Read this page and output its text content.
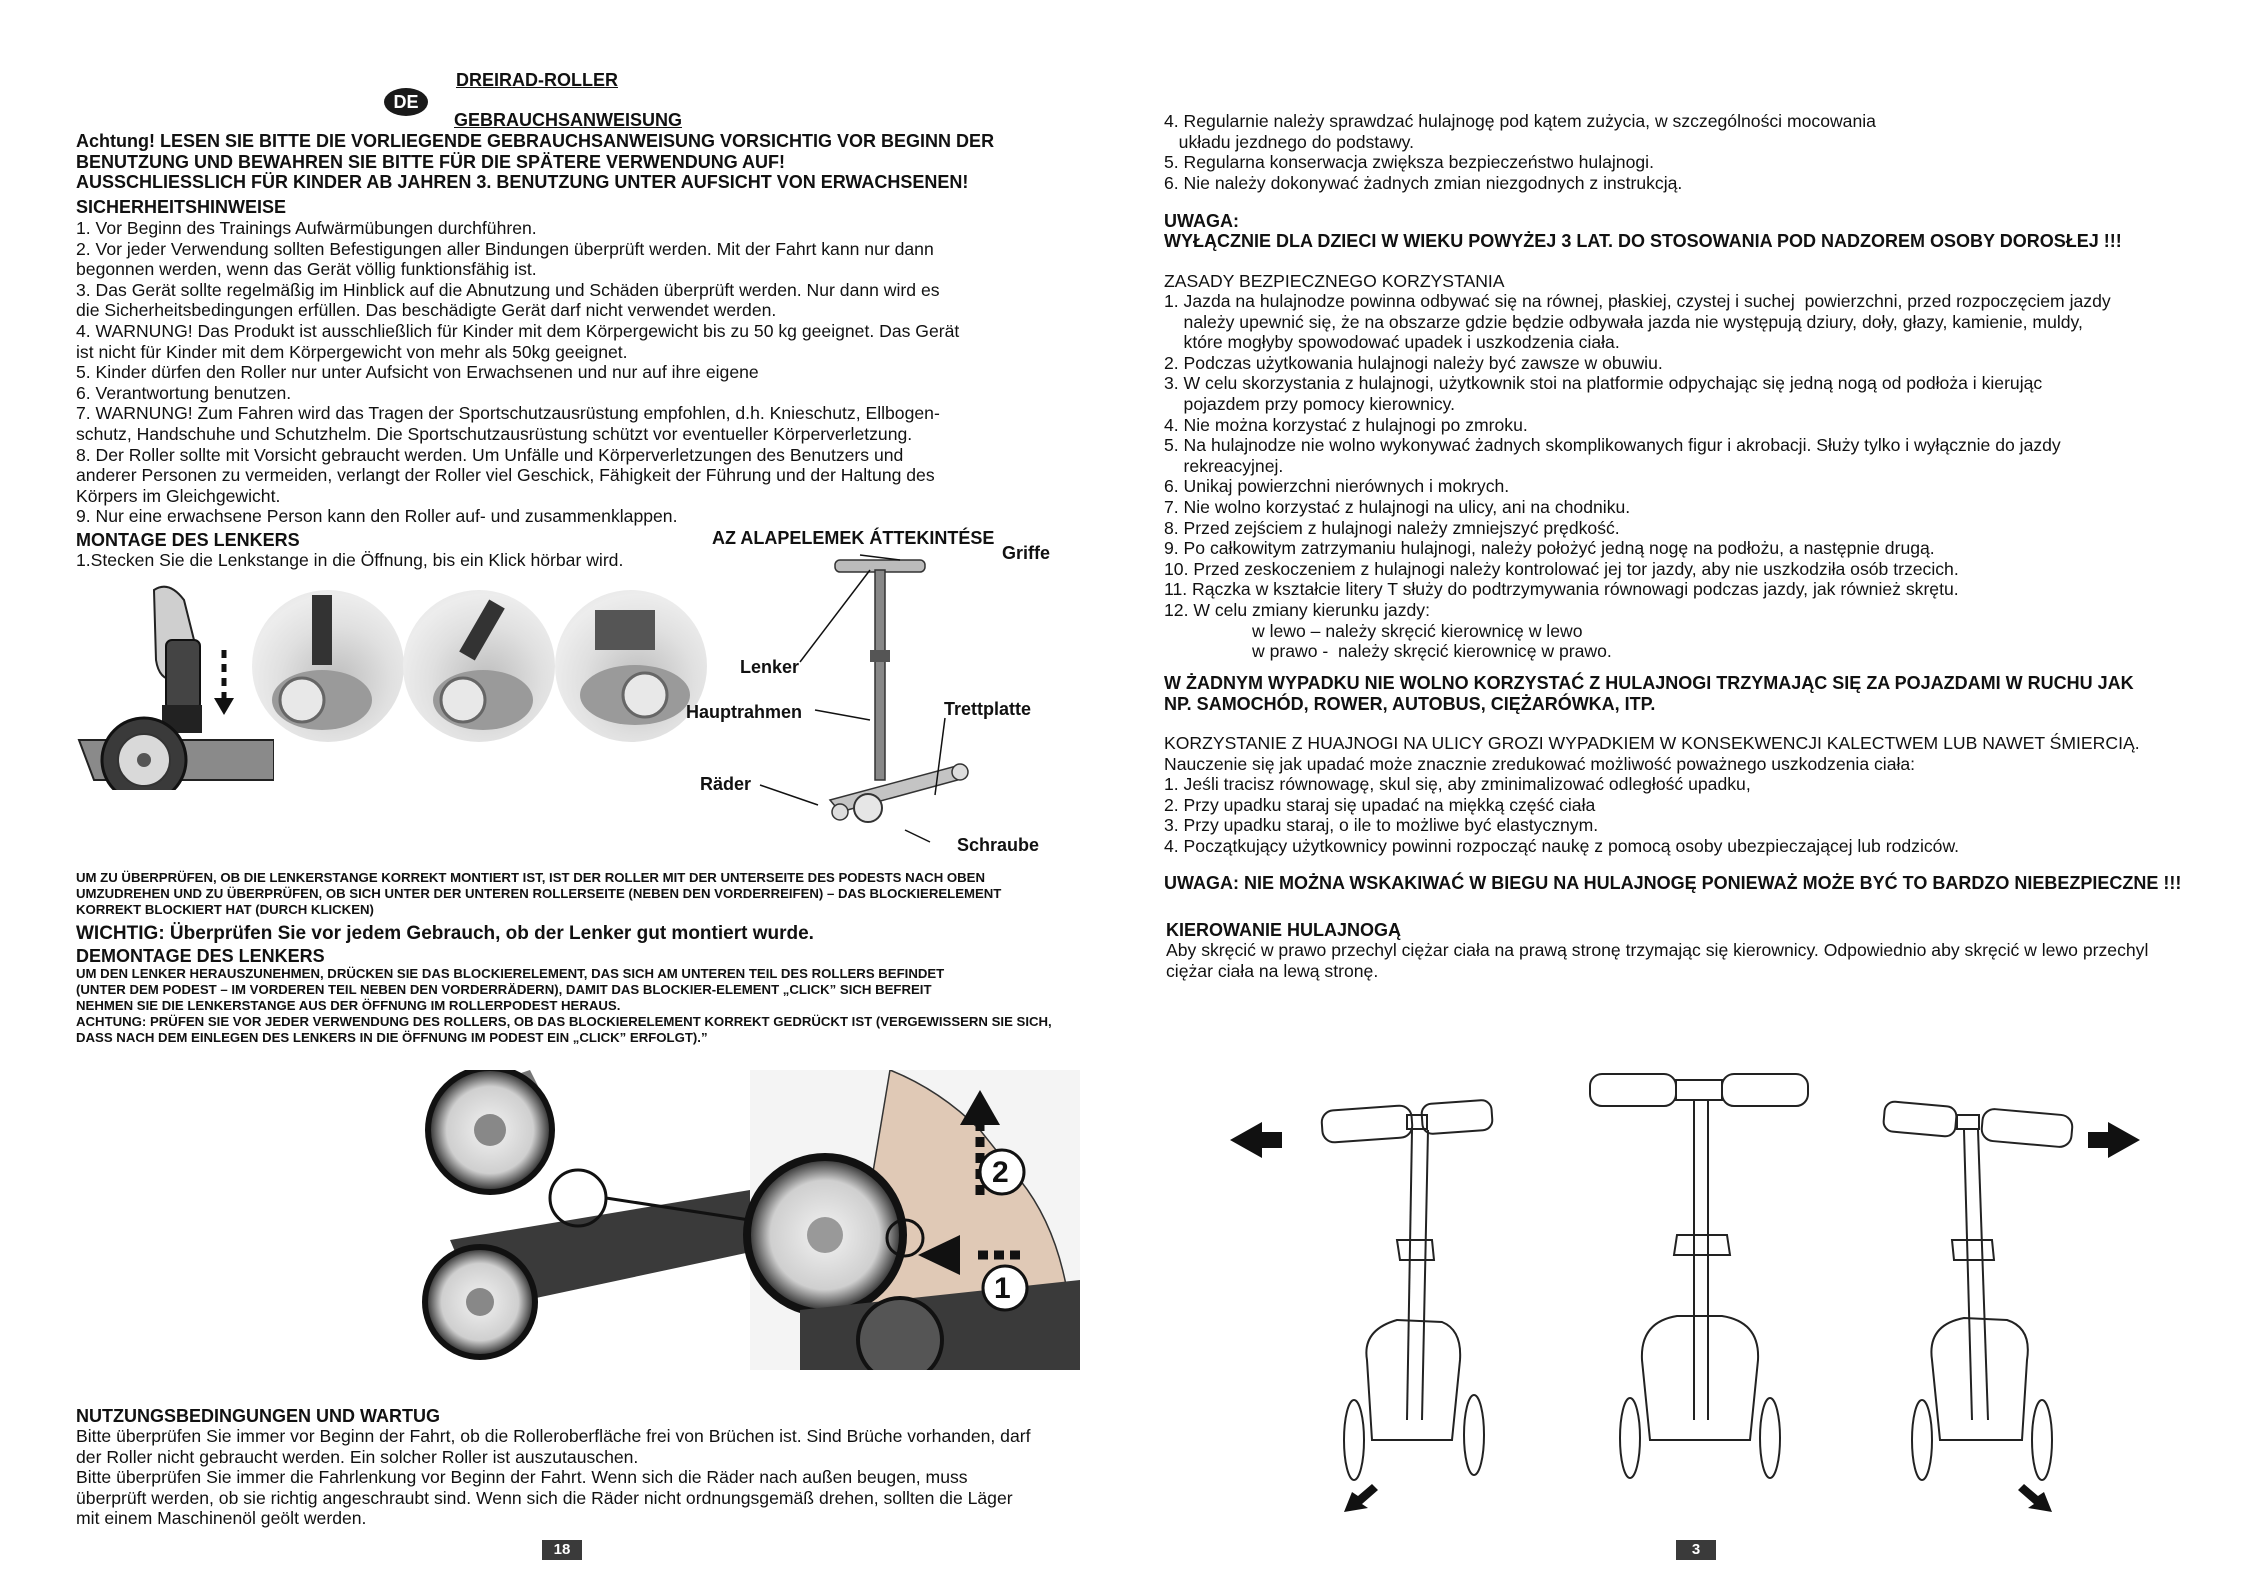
DE
DREIRAD-ROLLER
GEBRAUCHSANWEISUNG

Achtung! LESEN SIE BITTE DIE VORLIEGENDE GEBRAUCHSANWEISUNG VORSICHTIG VOR BEGINN DER

BENUTZUNG UND BEWAHREN SIE BITTE FÜR DIE SPÄTERE VERWENDUNG AUF!

AUSSCHLIESSLICH FÜR KINDER AB JAHREN 3. BENUTZUNG UNTER AUFSICHT VON ERWACHSENEN!

SICHERHEITSHINWEISE

1. Vor Beginn des Trainings Aufwärmübungen durchführen.

2. Vor jeder Verwendung sollten Befestigungen aller Bindungen überprüft werden. Mit der Fahrt kann nur dann

begonnen werden, wenn das Gerät völlig funktionsfähig ist.

3. Das Gerät sollte regelmäßig im Hinblick auf die Abnutzung und Schäden überprüft werden. Nur dann wird es

die Sicherheitsbedingungen erfüllen. Das beschädigte Gerät darf nicht verwendet werden.

4. WARNUNG! Das Produkt ist ausschließlich für Kinder mit dem Körpergewicht bis zu 50 kg geeignet. Das Gerät

ist nicht für Kinder mit dem Körpergewicht von mehr als 50kg geeignet.

5. Kinder dürfen den Roller nur unter Aufsicht von Erwachsenen und nur auf ihre eigene

6. Verantwortung benutzen.

7. WARNUNG! Zum Fahren wird das Tragen der Sportschutzausrüstung empfohlen, d.h. Knieschutz, Ellbogen-

schutz, Handschuhe und Schutzhelm. Die Sportschutzausrüstung schützt vor eventueller Körperverletzung.

8. Der Roller sollte mit Vorsicht gebraucht werden. Um Unfälle und Körperverletzungen des Benutzers und

anderer Personen zu vermeiden, verlangt der Roller viel Geschick, Fähigkeit der Führung und der Haltung des

Körpers im Gleichgewicht.

9. Nur eine erwachsene Person kann den Roller auf- und zusammenklappen.

MONTAGE DES LENKERS
1.Stecken Sie die Lenkstange in die Öffnung, bis ein Klick hörbar wird.
AZ ALAPELEMEK ÁTTEKINTÉSE
Griffe
Lenker
Hauptrahmen	Trettplatte
Räder
Schraube

UM ZU ÜBERPRÜFEN, OB DIE LENKERSTANGE KORREKT MONTIERT IST, IST DER ROLLER MIT DER UNTERSEITE DES PODESTS NACH OBEN

UMZUDREHEN UND ZU ÜBERPRÜFEN, OB SICH UNTER DER UNTEREN ROLLERSEITE (NEBEN DEN VORDERREIFEN) – DAS BLOCKIERELEMENT

KORREKT BLOCKIERT HAT (DURCH KLICKEN)

WICHTIG: Überprüfen Sie vor jedem Gebrauch, ob der Lenker gut montiert wurde.
DEMONTAGE DES LENKERS

UM DEN LENKER HERAUSZUNEHMEN, DRÜCKEN SIE DAS BLOCKIERELEMENT, DAS SICH AM UNTEREN TEIL DES ROLLERS BEFINDET

(UNTER DEM PODEST – IM VORDEREN TEIL NEBEN DEN VORDERRÄDERN), DAMIT DAS BLOCKIER-ELEMENT „CLICK” SICH BEFREIT

NEHMEN SIE DIE LENKERSTANGE AUS DER ÖFFNUNG IM ROLLERPODEST HERAUS.

ACHTUNG: PRÜFEN SIE VOR JEDER VERWENDUNG DES ROLLERS, OB DAS BLOCKIERELEMENT KORREKT GEDRÜCKT IST (VERGEWISSERN SIE SICH,

DASS NACH DEM EINLEGEN DES LENKERS IN DIE ÖFFNUNG IM PODEST EIN „CLICK” ERFOLGT).”

1
2
NUTZUNGSBEDINGUNGEN UND WARTUG

Bitte überprüfen Sie immer vor Beginn der Fahrt, ob die Rolleroberfläche frei von Brüchen ist. Sind Brüche vorhanden, darf

der Roller nicht gebraucht werden. Ein solcher Roller ist auszutauschen.

Bitte überprüfen Sie immer die Fahrlenkung vor Beginn der Fahrt. Wenn sich die Räder nach außen beugen, muss

überprüft werden, ob sie richtig angeschraubt sind. Wenn sich die Räder nicht ordnungsgemäß drehen, sollten die Läger

mit einem Maschinenöl geölt werden.

18

4. Regularnie należy sprawdzać hulajnogę pod kątem zużycia, w szczególności mocowania

układu jezdnego do podstawy.

5. Regularna konserwacja zwiększa bezpieczeństwo hulajnogi.

6. Nie należy dokonywać żadnych zmian niezgodnych z instrukcją.

UWAGA:
WYŁĄCZNIE DLA DZIECI W WIEKU POWYŻEJ 3 LAT. DO STOSOWANIA POD NADZOREM OSOBY DOROSŁEJ !!!
ZASADY BEZPIECZNEGO KORZYSTANIA

1. Jazda na hulajnodze powinna odbywać się na równej, płaskiej, czystej i suchej  powierzchni, przed rozpoczęciem jazdy

należy upewnić się, że na obszarze gdzie będzie odbywała jazda nie występują dziury, doły, głazy, kamienie, muldy,

które mogłyby spowodować upadek i uszkodzenia ciała.

2. Podczas użytkowania hulajnogi należy być zawsze w obuwiu.

3. W celu skorzystania z hulajnogi, użytkownik stoi na platformie odpychając się jedną nogą od podłoża i kierując

pojazdem przy pomocy kierownicy.

4. Nie można korzystać z hulajnogi po zmroku.

5. Na hulajnodze nie wolno wykonywać żadnych skomplikowanych figur i akrobacji. Służy tylko i wyłącznie do jazdy

rekreacyjnej.

6. Unikaj powierzchni nierównych i mokrych.

7. Nie wolno korzystać z hulajnogi na ulicy, ani na chodniku.

8. Przed zejściem z hulajnogi należy zmniejszyć prędkość.

9. Po całkowitym zatrzymaniu hulajnogi, należy położyć jedną nogę na podłożu, a następnie drugą.

10. Przed zeskoczeniem z hulajnogi należy kontrolować jej tor jazdy, aby nie uszkodziła osób trzecich.

11. Rączka w kształcie litery T służy do podtrzymywania równowagi podczas jazdy, jak również skrętu.

12. W celu zmiany kierunku jazdy:

w lewo – należy skręcić kierownicę w lewo

w prawo -  należy skręcić kierownicę w prawo.

W ŻADNYM WYPADKU NIE WOLNO KORZYSTAĆ Z HULAJNOGI TRZYMAJĄC SIĘ ZA POJAZDAMI W RUCHU JAK

NP. SAMOCHÓD, ROWER, AUTOBUS, CIĘŻARÓWKA, ITP.

KORZYSTANIE Z HUAJNOGI NA ULICY GROZI WYPADKIEM W KONSEKWENCJI KALECTWEM LUB NAWET ŚMIERCIĄ.

Nauczenie się jak upadać może znacznie zredukować możliwość poważnego uszkodzenia ciała:

1. Jeśli tracisz równowagę, skul się, aby zminimalizować odległość upadku,

2. Przy upadku staraj się upadać na miękką część ciała

3. Przy upadku staraj, o ile to możliwe być elastycznym.

4. Początkujący użytkownicy powinni rozpocząć naukę z pomocą osoby ubezpieczającej lub rodziców.

UWAGA: NIE MOŻNA WSKAKIWAĆ W BIEGU NA HULAJNOGĘ PONIEWAŻ MOŻE BYĆ TO BARDZO NIEBEZPIECZNE !!!
KIEROWANIE HULAJNOGĄ

Aby skręcić w prawo przechyl ciężar ciała na prawą stronę trzymając się kierownicy. Odpowiednio aby skręcić w lewo przechyl

ciężar ciała na lewą stronę.

3
